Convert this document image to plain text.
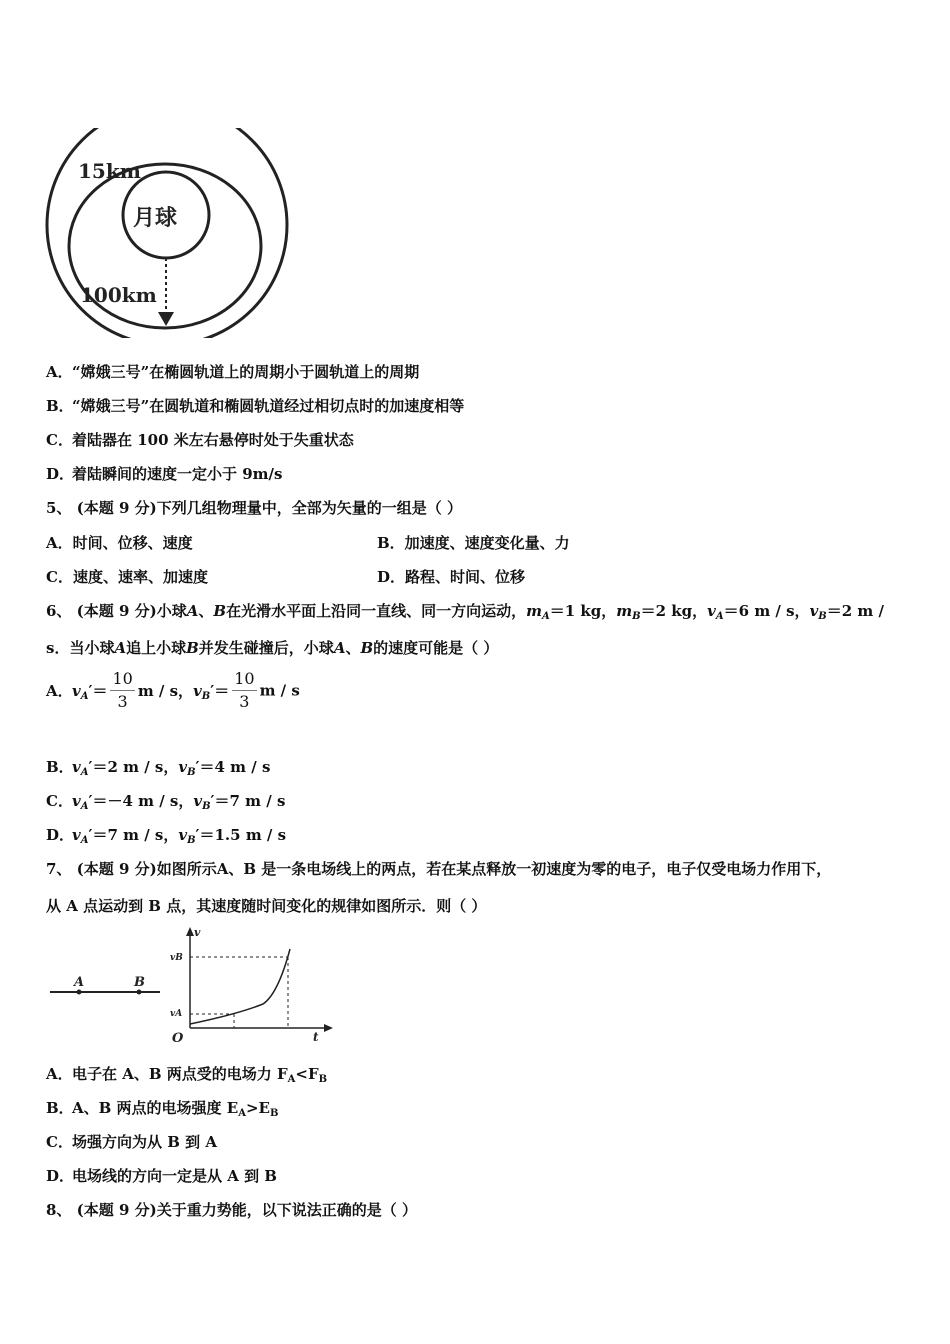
15km
月球
100km
A．“嫦娥三号”在椭圆轨道上的周期小于圆轨道上的周期
B．“嫦娥三号”在圆轨道和椭圆轨道经过相切点时的加速度相等
C．着陆器在 100 米左右悬停时处于失重状态
D．着陆瞬间的速度一定小于 9m/s
5、 (本题 9 分)下列几组物理量中，全部为矢量的一组是（ ）
A．时间、位移、速度	B．加速度、速度变化量、力
C．速度、速率、加速度	D．路程、时间、位移
6、 (本题 9 分)小球A、B在光滑水平面上沿同一直线、同一方向运动，$m_A=1$ kg，$m_B=2$ kg，$v_A=6$ m / s，$v_B=2$ m /
s．当小球A追上小球B并发生碰撞后，小球A、B的速度可能是（ ）
A．$v_A'= \frac{10}{3}$ m / s，$v_B'= \frac{10}{3}$ m / s
B．$v_A'=2$ m / s，$v_B'=4$ m / s
C．$v_A'=-4$ m / s，$v_B'=7$ m / s
D．$v_A'=7$ m / s，$v_B'=1.5$ m / s
7、 (本题 9 分)如图所示A、B 是一条电场线上的两点，若在某点释放一初速度为零的电子，电子仅受电场力作用下，
从 A 点运动到 B 点，其速度随时间变化的规律如图所示．则（ ）
A	B
v
t
O
vA
vB
A．电子在 A、B 两点受的电场力 $F_A<F_B$
B．A、B 两点的电场强度 $E_A>E_B$
C．场强方向为从 B 到 A
D．电场线的方向一定是从 A 到 B
8、 (本题 9 分)关于重力势能，以下说法正确的是（ ）
